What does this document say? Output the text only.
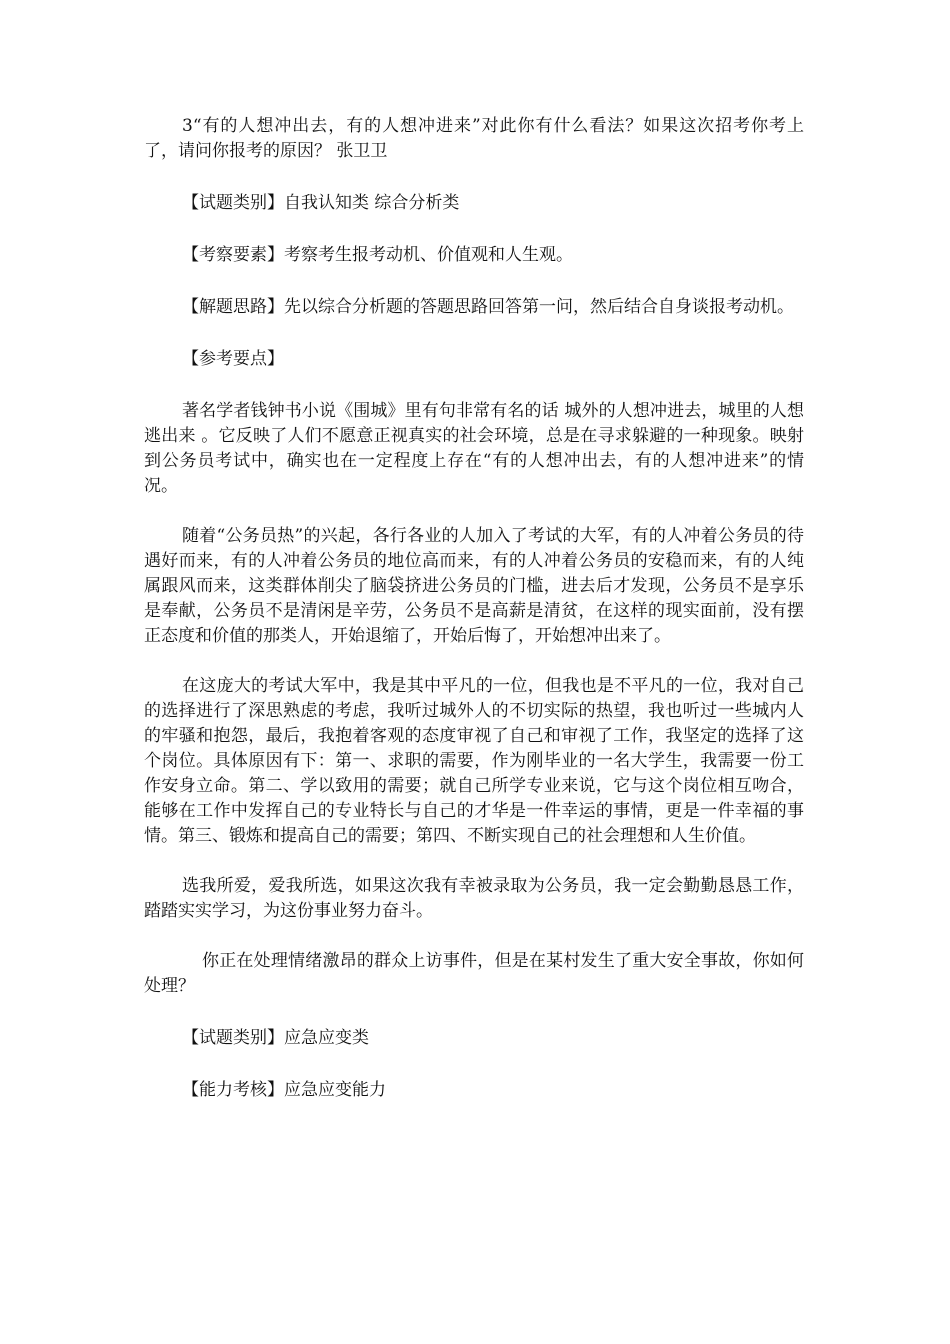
3“有的人想冲出去，有的人想冲进来”对此你有什么看法？如果这次招考你考上了，请问你报考的原因？ 张卫卫

【试题类别】自我认知类 综合分析类

【考察要素】考察考生报考动机、价值观和人生观。

【解题思路】先以综合分析题的答题思路回答第一问，然后结合自身谈报考动机。

【参考要点】

著名学者钱钟书小说《围城》里有句非常有名的话 城外的人想冲进去，城里的人想逃出来 。它反映了人们不愿意正视真实的社会环境，总是在寻求躲避的一种现象。映射到公务员考试中，确实也在一定程度上存在“有的人想冲出去，有的人想冲进来”的情况。

随着“公务员热”的兴起，各行各业的人加入了考试的大军，有的人冲着公务员的待遇好而来，有的人冲着公务员的地位高而来，有的人冲着公务员的安稳而来，有的人纯属跟风而来，这类群体削尖了脑袋挤进公务员的门槛，进去后才发现，公务员不是享乐是奉献，公务员不是清闲是辛劳，公务员不是高薪是清贫，在这样的现实面前，没有摆正态度和价值的那类人，开始退缩了，开始后悔了，开始想冲出来了。

在这庞大的考试大军中，我是其中平凡的一位，但我也是不平凡的一位，我对自己的选择进行了深思熟虑的考虑，我听过城外人的不切实际的热望，我也听过一些城内人的牢骚和抱怨，最后，我抱着客观的态度审视了自己和审视了工作，我坚定的选择了这个岗位。具体原因有下：第一、求职的需要，作为刚毕业的一名大学生，我需要一份工作安身立命。第二、学以致用的需要；就自己所学专业来说，它与这个岗位相互吻合，能够在工作中发挥自己的专业特长与自己的才华是一件幸运的事情，更是一件幸福的事情。第三、锻炼和提高自己的需要；第四、不断实现自己的社会理想和人生价值。

选我所爱，爱我所选，如果这次我有幸被录取为公务员，我一定会勤勤恳恳工作，踏踏实实学习，为这份事业努力奋斗。

你正在处理情绪激昂的群众上访事件，但是在某村发生了重大安全事故，你如何处理？

【试题类别】应急应变类

【能力考核】应急应变能力
